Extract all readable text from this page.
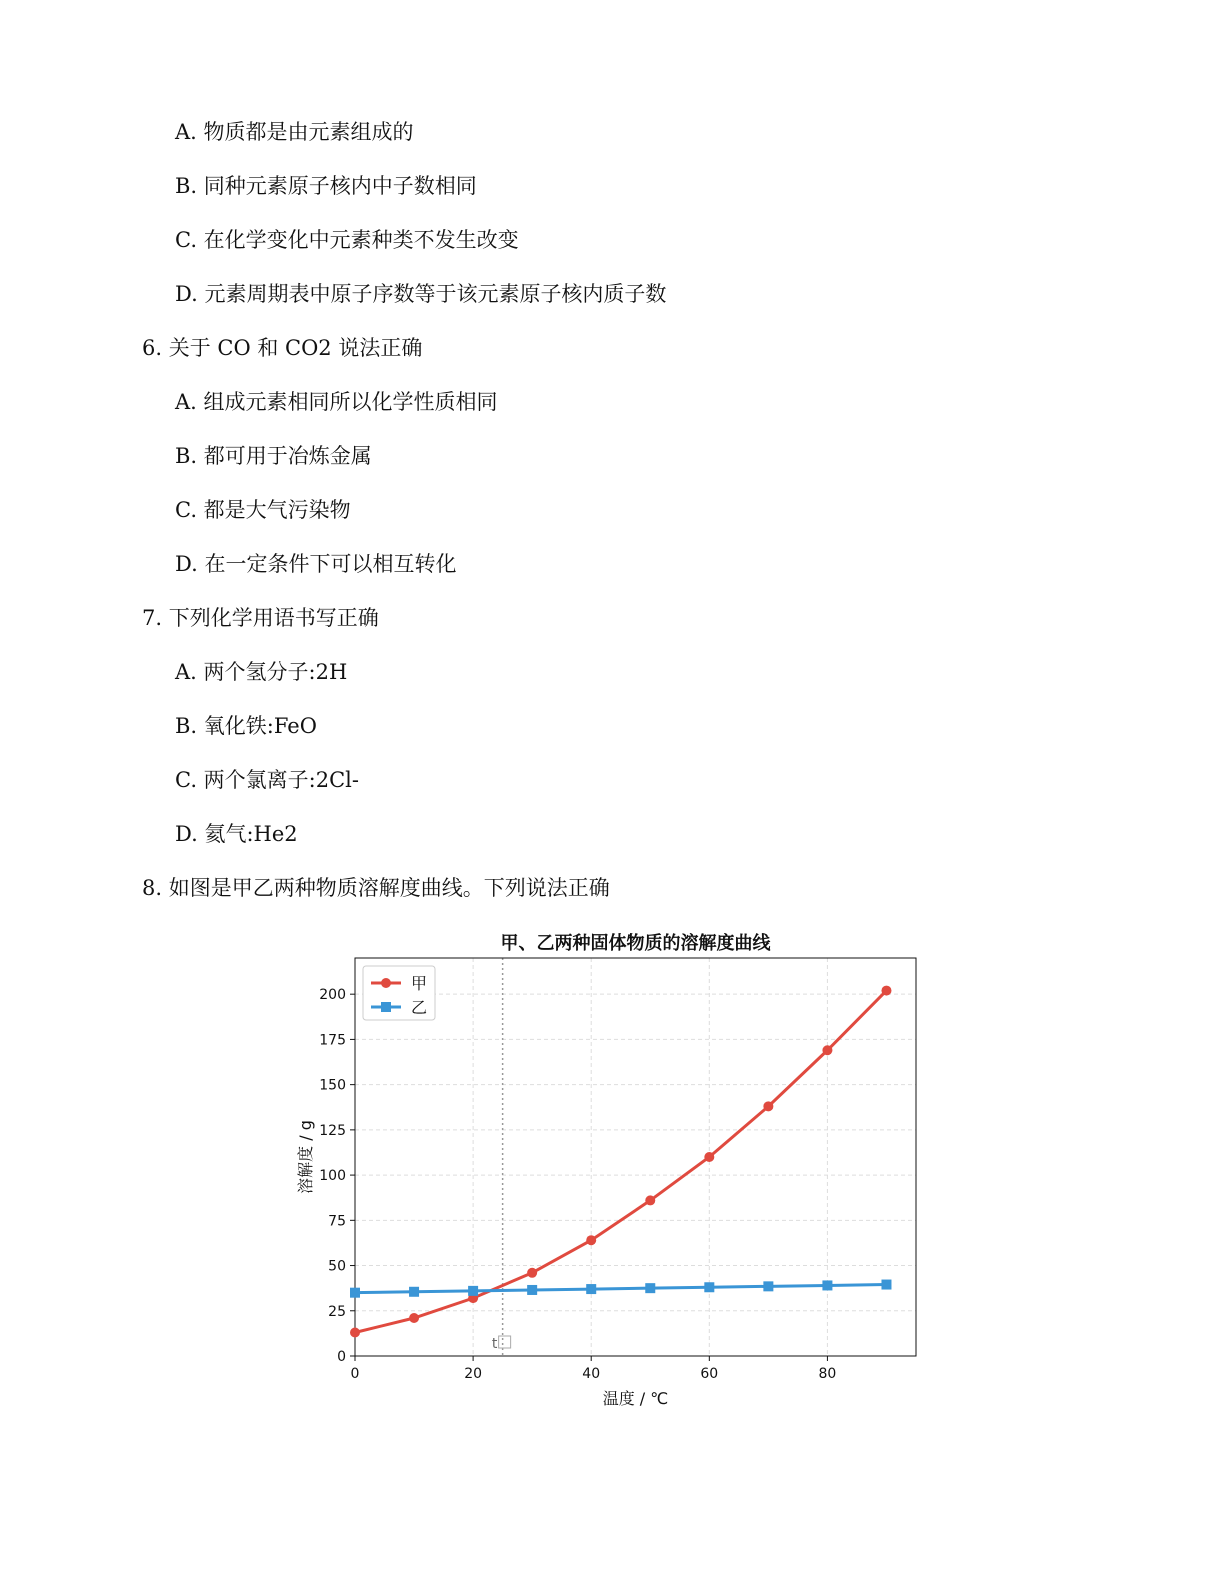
A. 物质都是由元素组成的
B. 同种元素原子核内中子数相同
C. 在化学变化中元素种类不发生改变
D. 元素周期表中原子序数等于该元素原子核内质子数
6. 关于 CO 和 CO2 说法正确
A. 组成元素相同所以化学性质相同
B. 都可用于冶炼金属
C. 都是大气污染物
D. 在一定条件下可以相互转化
7. 下列化学用语书写正确
A. 两个氢分子:2H
B. 氧化铁:FeO
C. 两个氯离子:2Cl-
D. 氦气:He2
8. 如图是甲乙两种物质溶解度曲线。下列说法正确
t
0	20	40	60	80
0
25
50
75
100
125
150
175
200
甲、乙两种固体物质的溶解度曲线
温度 / ℃
溶解度 / g
甲
乙
